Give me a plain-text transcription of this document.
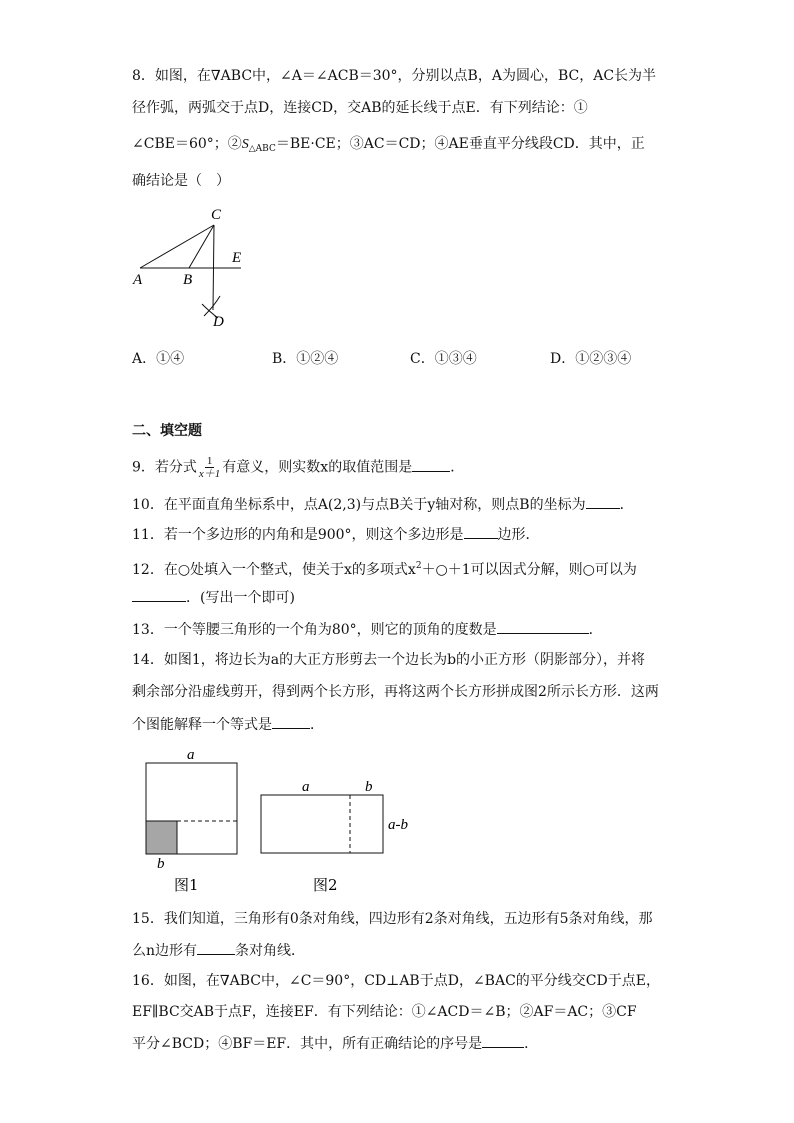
8．如图，在∇ABC中，∠A＝∠ACB＝30°，分别以点B，A为圆心，BC，AC长为半
径作弧，两弧交于点D，连接CD，交AB的延长线于点E．有下列结论：①
∠CBE＝60°；$②S_{\triangle ABC}=BE\cdot CE$；③AC＝CD；④AE垂直平分线段CD．其中，正
确结论是（　）
C
A	B
E
D
A．①④	B．①②④	C．①③④	D．①②③④
二、填空题
9．若分式 $\frac{1}{x+1}$ 有意义，则实数x的取值范围是	．
10．在平面直角坐标系中，点A(2,3)与点B关于y轴对称，则点B的坐标为 ．
11．若一个多边形的内角和是900°，则这个多边形是 边形．
12．在○处填入一个整式，使关于x的多项式$x^2+○+1$可以因式分解，则○可以为
．(写出一个即可)
13．一个等腰三角形的一个角为80°，则它的顶角的度数是	．
14．如图1，将边长为a的大正方形剪去一个边长为b的小正方形（阴影部分），并将
剩余部分沿虚线剪开，得到两个长方形，再将这两个长方形拼成图2所示长方形．这两
个图能解释一个等式是	．
a
b
图1
a	b
a-b
图2
15．我们知道，三角形有0条对角线，四边形有2条对角线，五边形有5条对角线，那
么n边形有	条对角线．
16．如图，在∇ABC中，∠C＝90°，CD⊥AB于点D，∠BAC的平分线交CD于点E，
EF∥BC交AB于点F，连接EF．有下列结论：①∠ACD＝∠B；②AF＝AC；③CF
平分∠BCD；④BF＝EF．其中，所有正确结论的序号是	．
